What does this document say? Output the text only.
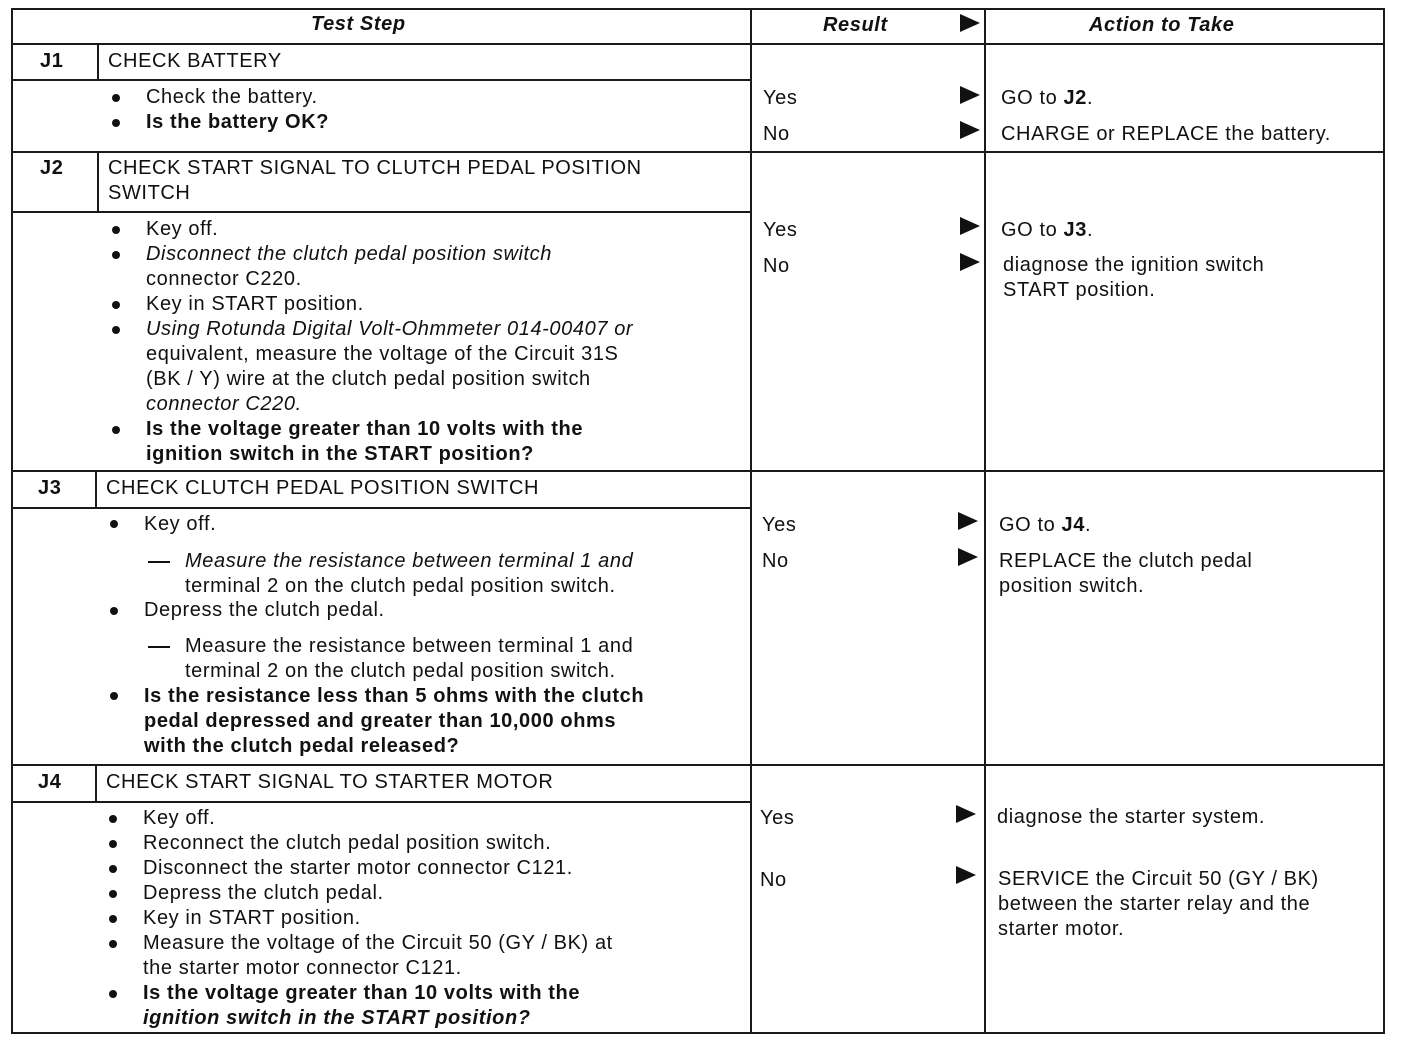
Test Step	Result	Action to Take
J1 CHECK BATTERY
Check the battery.
Is the battery OK?
Yes	GO to J2.
No	CHARGE or REPLACE the battery.
J2 CHECK START SIGNAL TO CLUTCH PEDAL POSITION
SWITCH
Key off.
Disconnect the clutch pedal position switch
connector C220.
Key in START position.
Using Rotunda Digital Volt-Ohmmeter 014-00407 or
equivalent, measure the voltage of the Circuit 31S
(BK / Y) wire at the clutch pedal position switch
connector C220.
Is the voltage greater than 10 volts with the
ignition switch in the START position?
Yes	GO to J3.
No	diagnose the ignition switch
START position.
J3 CHECK CLUTCH PEDAL POSITION SWITCH
Key off.
Measure the resistance between terminal 1 and
terminal 2 on the clutch pedal position switch.
Depress the clutch pedal.
Measure the resistance between terminal 1 and
terminal 2 on the clutch pedal position switch.
Is the resistance less than 5 ohms with the clutch
pedal depressed and greater than 10,000 ohms
with the clutch pedal released?
Yes	GO to J4.
No	REPLACE the clutch pedal
position switch.
J4 CHECK START SIGNAL TO STARTER MOTOR
Key off.
Reconnect the clutch pedal position switch.
Disconnect the starter motor connector C121.
Depress the clutch pedal.
Key in START position.
Measure the voltage of the Circuit 50 (GY / BK) at
the starter motor connector C121.
Is the voltage greater than 10 volts with the
ignition switch in the START position?
Yes	diagnose the starter system.
No	SERVICE the Circuit 50 (GY / BK)
between the starter relay and the
starter motor.
